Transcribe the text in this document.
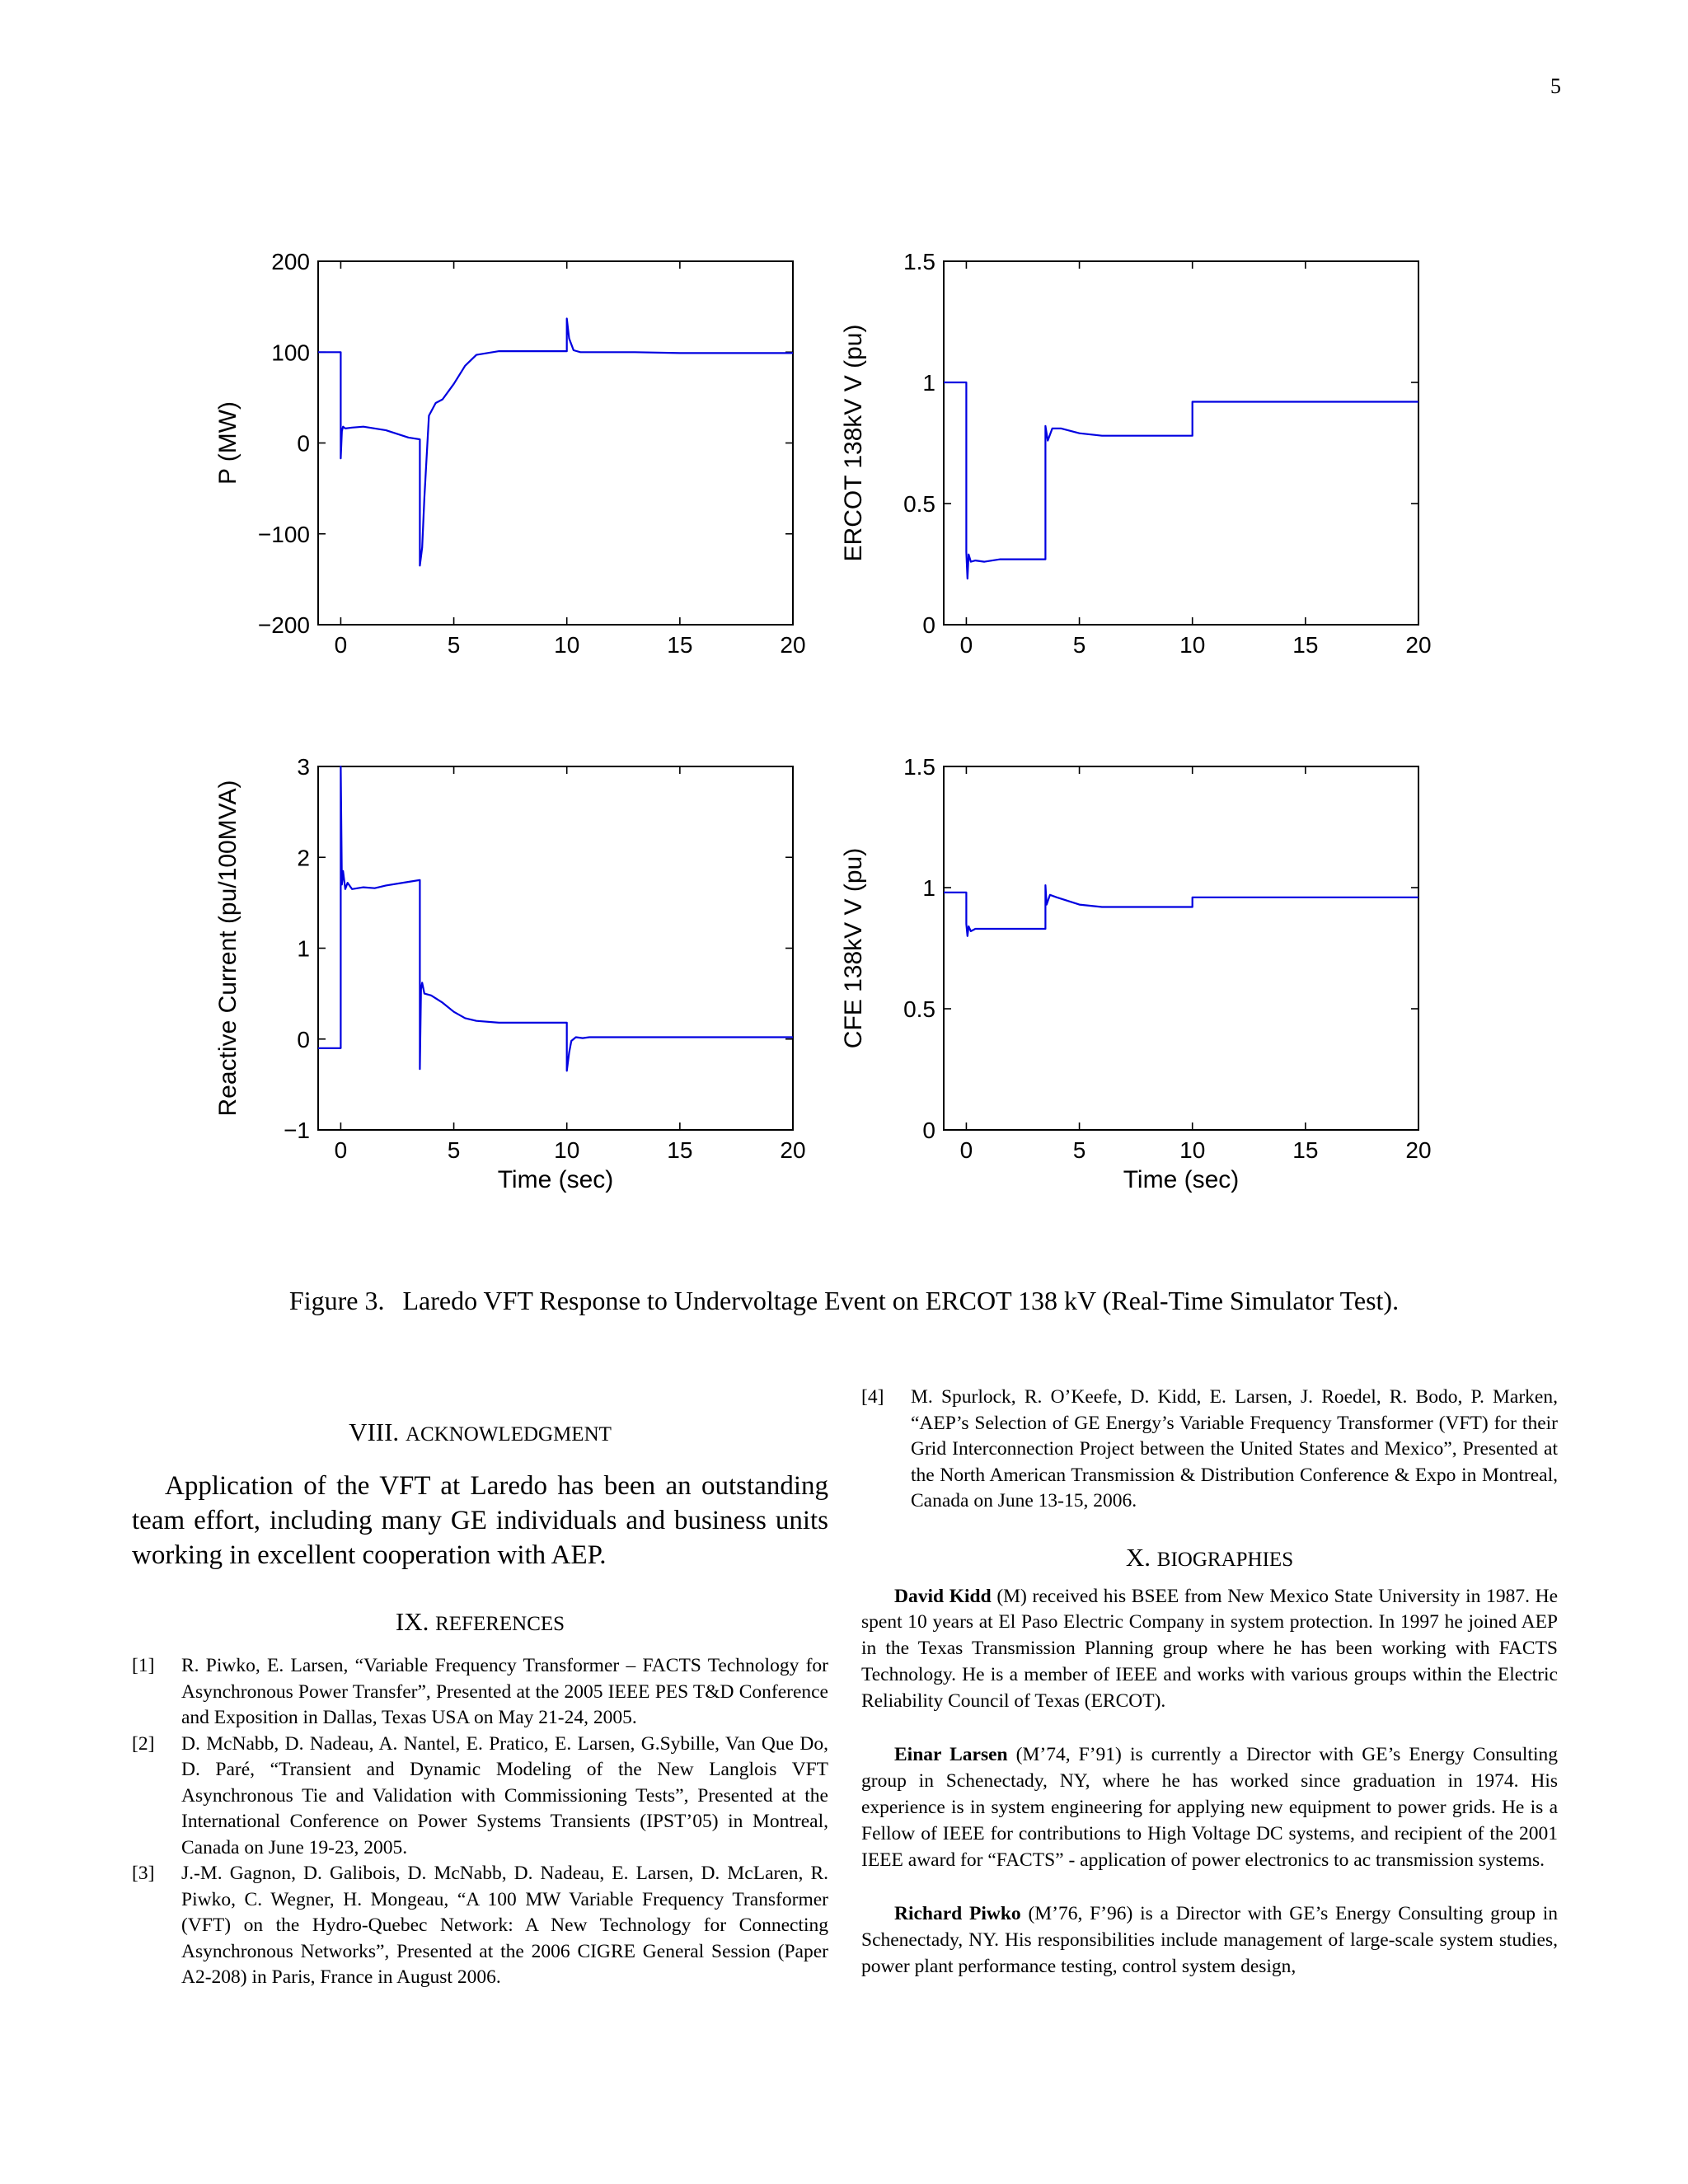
5
0	5	10	15	20
−200
−100
0
100
200
P (MW)
0	5	10	15	20
0
0.5
1
1.5
ERCOT 138kV V (pu)
0	5	10	15	20
−1
0
1
2
3
Reactive Current (pu/100MVA)
Time (sec)
0	5	10	15	20
0
0.5
1
1.5
CFE 138kV V (pu)
Time (sec)
Figure 3. Laredo VFT Response to Undervoltage Event on ERCOT 138 kV (Real-Time Simulator Test).
VIII. ACKNOWLEDGMENT

Application of the VFT at Laredo has been an outstanding team effort, including many GE individuals and business units working in excellent cooperation with AEP.

IX. REFERENCES
[1] R. Piwko, E. Larsen, “Variable Frequency Transformer – FACTS Technology for Asynchronous Power Transfer”, Presented at the 2005 IEEE PES T&D Conference and Exposition in Dallas, Texas USA on May 21-24, 2005.
[2] D. McNabb, D. Nadeau, A. Nantel, E. Pratico, E. Larsen, G.Sybille, Van Que Do, D. Paré, “Transient and Dynamic Modeling of the New Langlois VFT Asynchronous Tie and Validation with Commissioning Tests”, Presented at the International Conference on Power Systems Transients (IPST’05) in Montreal, Canada on June 19-23, 2005.
[3] J.-M. Gagnon, D. Galibois, D. McNabb, D. Nadeau, E. Larsen, D. McLaren, R. Piwko, C. Wegner, H. Mongeau, “A 100 MW Variable Frequency Transformer (VFT) on the Hydro-Quebec Network: A New Technology for Connecting Asynchronous Networks”, Presented at the 2006 CIGRE General Session (Paper A2-208) in Paris, France in August 2006.
[4] M. Spurlock, R. O’Keefe, D. Kidd, E. Larsen, J. Roedel, R. Bodo, P. Marken, “AEP’s Selection of GE Energy’s Variable Frequency Transformer (VFT) for their Grid Interconnection Project between the United States and Mexico”, Presented at the North American Transmission & Distribution Conference & Expo in Montreal, Canada on June 13-15, 2006.
X. BIOGRAPHIES

David Kidd (M) received his BSEE from New Mexico State University in 1987. He spent 10 years at El Paso Electric Company in system protection. In 1997 he joined AEP in the Texas Transmission Planning group where he has been working with FACTS Technology. He is a member of IEEE and works with various groups within the Electric Reliability Council of Texas (ERCOT).

Einar Larsen (M’74, F’91) is currently a Director with GE’s Energy Consulting group in Schenectady, NY, where he has worked since graduation in 1974. His experience is in system engineering for applying new equipment to power grids. He is a Fellow of IEEE for contributions to High Voltage DC systems, and recipient of the 2001 IEEE award for “FACTS” - application of power electronics to ac transmission systems.

Richard Piwko (M’76, F’96) is a Director with GE’s Energy Consulting group in Schenectady, NY. His responsibilities include management of large-scale system studies, power plant performance testing, control system design,
